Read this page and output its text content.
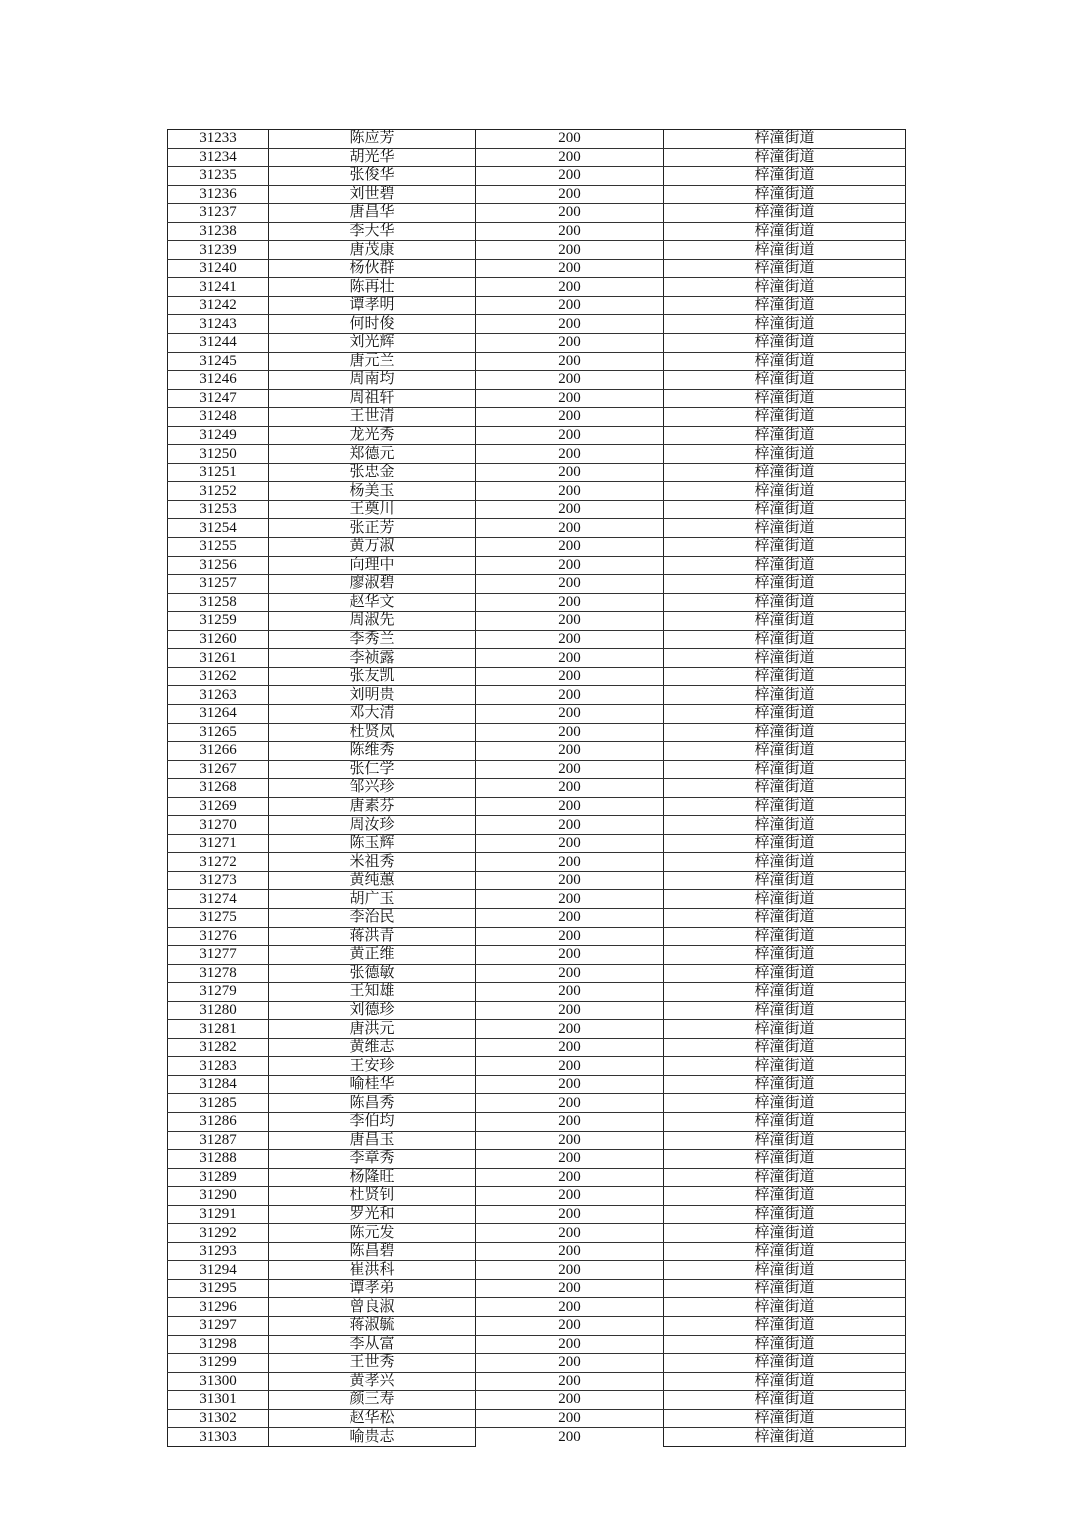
31233	陈应芳	200	梓潼街道
31234	胡光华	200	梓潼街道
31235	张俊华	200	梓潼街道
31236	刘世碧	200	梓潼街道
31237	唐昌华	200	梓潼街道
31238	李大华	200	梓潼街道
31239	唐茂康	200	梓潼街道
31240	杨伙群	200	梓潼街道
31241	陈再壮	200	梓潼街道
31242	谭孝明	200	梓潼街道
31243	何时俊	200	梓潼街道
31244	刘光辉	200	梓潼街道
31245	唐元兰	200	梓潼街道
31246	周南均	200	梓潼街道
31247	周祖轩	200	梓潼街道
31248	王世清	200	梓潼街道
31249	龙光秀	200	梓潼街道
31250	郑德元	200	梓潼街道
31251	张忠金	200	梓潼街道
31252	杨美玉	200	梓潼街道
31253	王奠川	200	梓潼街道
31254	张正芳	200	梓潼街道
31255	黄万淑	200	梓潼街道
31256	向理中	200	梓潼街道
31257	廖淑碧	200	梓潼街道
31258	赵华文	200	梓潼街道
31259	周淑先	200	梓潼街道
31260	李秀兰	200	梓潼街道
31261	李祯露	200	梓潼街道
31262	张友凯	200	梓潼街道
31263	刘明贵	200	梓潼街道
31264	邓大清	200	梓潼街道
31265	杜贤凤	200	梓潼街道
31266	陈维秀	200	梓潼街道
31267	张仁学	200	梓潼街道
31268	邹兴珍	200	梓潼街道
31269	唐素芬	200	梓潼街道
31270	周汝珍	200	梓潼街道
31271	陈玉辉	200	梓潼街道
31272	米祖秀	200	梓潼街道
31273	黄纯蕙	200	梓潼街道
31274	胡广玉	200	梓潼街道
31275	李治民	200	梓潼街道
31276	蒋洪青	200	梓潼街道
31277	黄正维	200	梓潼街道
31278	张德敏	200	梓潼街道
31279	王知雄	200	梓潼街道
31280	刘德珍	200	梓潼街道
31281	唐洪元	200	梓潼街道
31282	黄维志	200	梓潼街道
31283	王安珍	200	梓潼街道
31284	喻桂华	200	梓潼街道
31285	陈昌秀	200	梓潼街道
31286	李伯均	200	梓潼街道
31287	唐昌玉	200	梓潼街道
31288	李章秀	200	梓潼街道
31289	杨隆旺	200	梓潼街道
31290	杜贤钊	200	梓潼街道
31291	罗光和	200	梓潼街道
31292	陈元发	200	梓潼街道
31293	陈昌碧	200	梓潼街道
31294	崔洪科	200	梓潼街道
31295	谭孝弟	200	梓潼街道
31296	曾良淑	200	梓潼街道
31297	蒋淑毓	200	梓潼街道
31298	李从富	200	梓潼街道
31299	王世秀	200	梓潼街道
31300	黄孝兴	200	梓潼街道
31301	颜三寿	200	梓潼街道
31302	赵华松	200	梓潼街道
31303	喻贵志	200	梓潼街道
